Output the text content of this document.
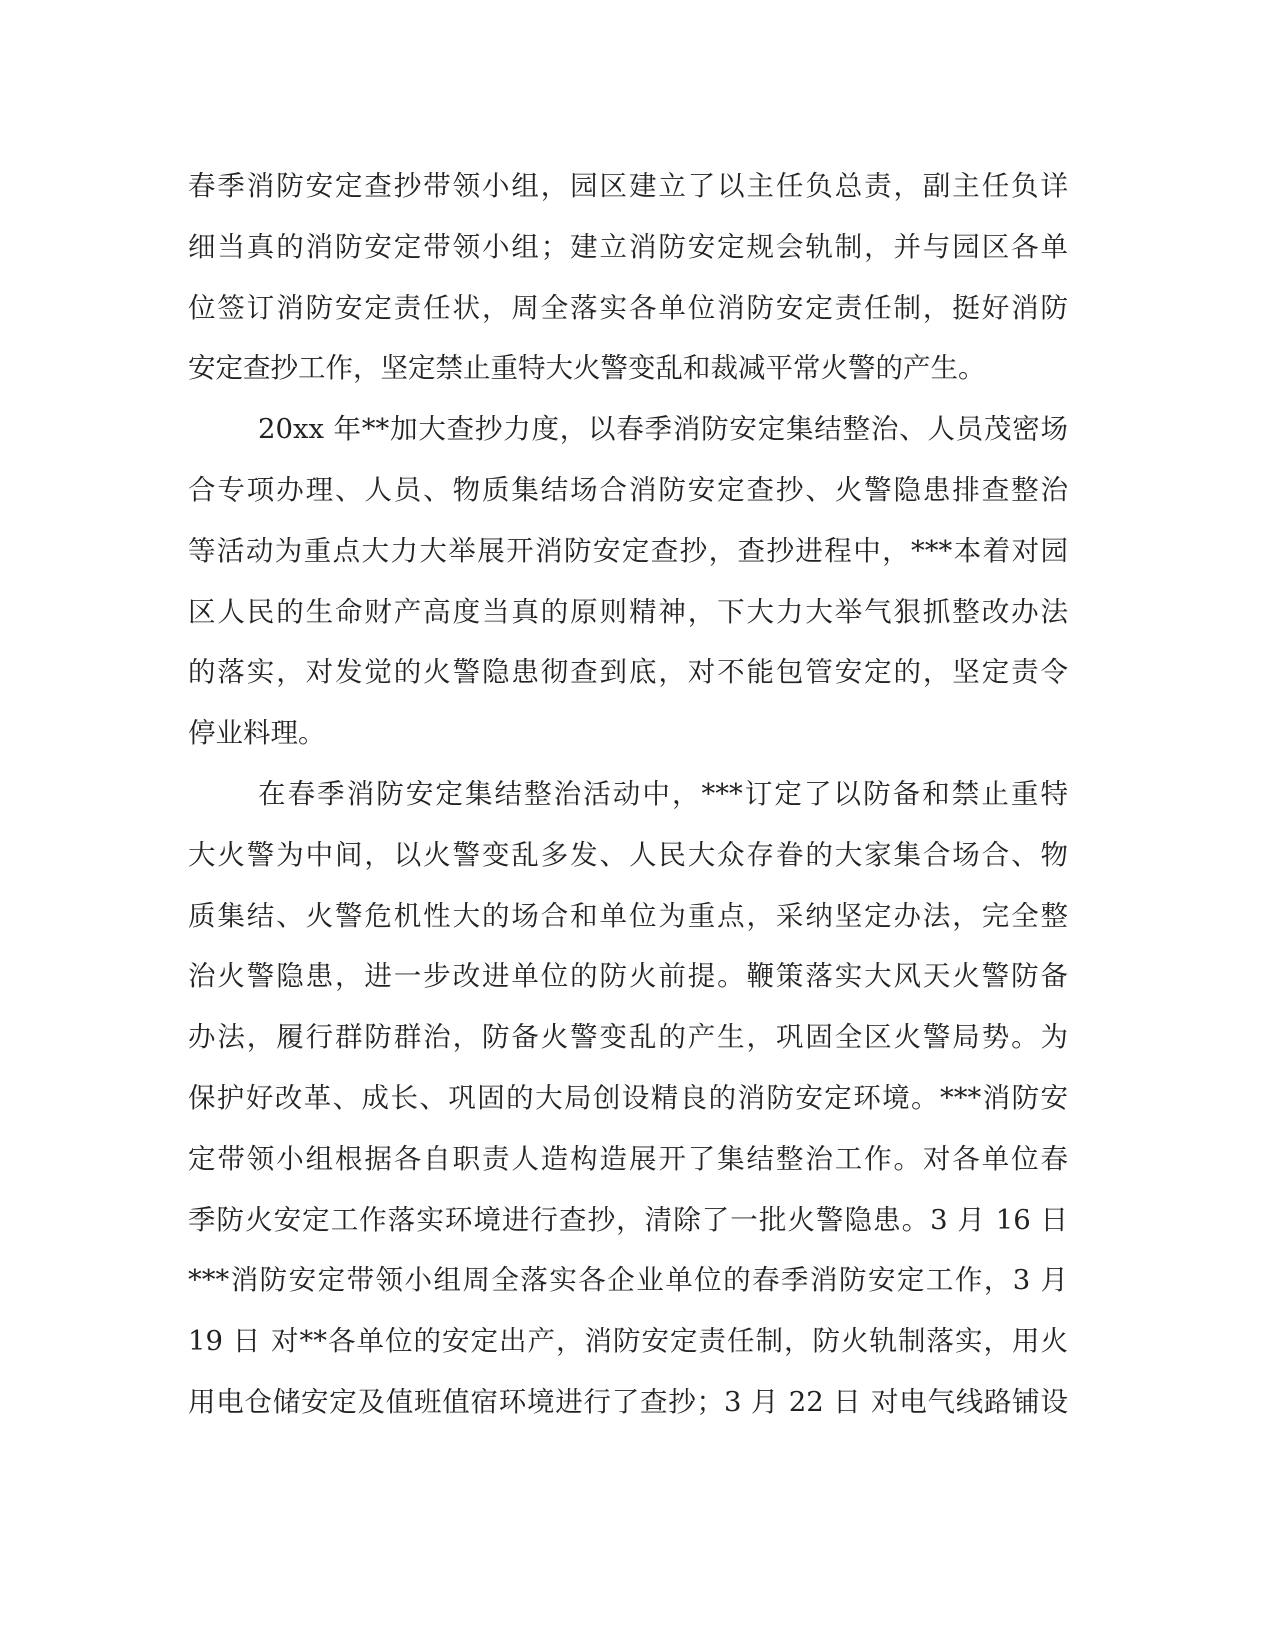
春季消防安定查抄带领小组，园区建立了以主任负总责，副主任负详
细当真的消防安定带领小组；建立消防安定规会轨制，并与园区各单
位签订消防安定责任状，周全落实各单位消防安定责任制，挺好消防
安定查抄工作，坚定禁止重特大火警变乱和裁减平常火警的产生。
20xx 年**加大查抄力度，以春季消防安定集结整治、人员茂密场
合专项办理、人员、物质集结场合消防安定查抄、火警隐患排查整治
等活动为重点大力大举展开消防安定查抄，查抄进程中，***本着对园
区人民的生命财产高度当真的原则精神，下大力大举气狠抓整改办法
的落实，对发觉的火警隐患彻查到底，对不能包管安定的，坚定责令
停业料理。
在春季消防安定集结整治活动中，***订定了以防备和禁止重特
大火警为中间，以火警变乱多发、人民大众存眷的大家集合场合、物
质集结、火警危机性大的场合和单位为重点，采纳坚定办法，完全整
治火警隐患，进一步改进单位的防火前提。鞭策落实大风天火警防备
办法，履行群防群治，防备火警变乱的产生，巩固全区火警局势。为
保护好改革、成长、巩固的大局创设精良的消防安定环境。***消防安
定带领小组根据各自职责人造构造展开了集结整治工作。对各单位春
季防火安定工作落实环境进行查抄，清除了一批火警隐患。3 月 16 日
***消防安定带领小组周全落实各企业单位的春季消防安定工作，3 月
19 日 对**各单位的安定出产，消防安定责任制，防火轨制落实，用火
用电仓储安定及值班值宿环境进行了查抄；3 月 22 日 对电气线路铺设
